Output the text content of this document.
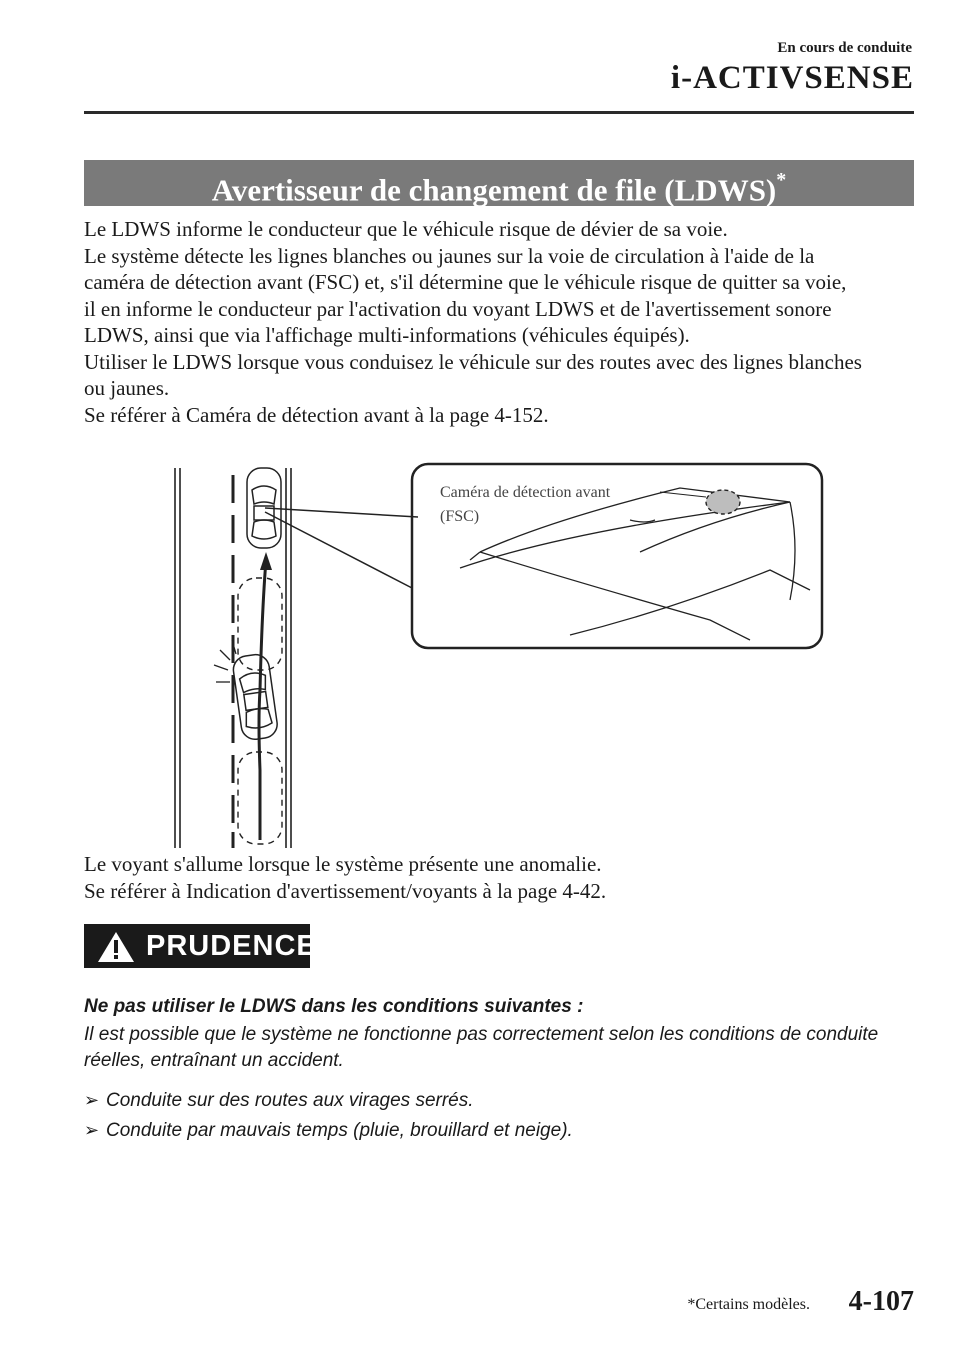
En cours de conduite
i-ACTIVSENSE
Avertisseur de changement de file (LDWS)*
Le LDWS informe le conducteur que le véhicule risque de dévier de sa voie.
Le système détecte les lignes blanches ou jaunes sur la voie de circulation à l'aide de la
caméra de détection avant (FSC) et, s'il détermine que le véhicule risque de quitter sa voie,
il en informe le conducteur par l'activation du voyant LDWS et de l'avertissement sonore
LDWS, ainsi que via l'affichage multi-informations (véhicules équipés).
Utiliser le LDWS lorsque vous conduisez le véhicule sur des routes avec des lignes blanches
ou jaunes.
Se référer à Caméra de détection avant à la page 4-152.
Caméra de détection avant
(FSC)
Le voyant s'allume lorsque le système présente une anomalie.
Se référer à Indication d'avertissement/voyants à la page 4-42.
PRUDENCE
Ne pas utiliser le LDWS dans les conditions suivantes :
Il est possible que le système ne fonctionne pas correctement selon les conditions de conduite
réelles, entraînant un accident.
➢ Conduite sur des routes aux virages serrés.
➢ Conduite par mauvais temps (pluie, brouillard et neige).
*Certains modèles. 4-107
